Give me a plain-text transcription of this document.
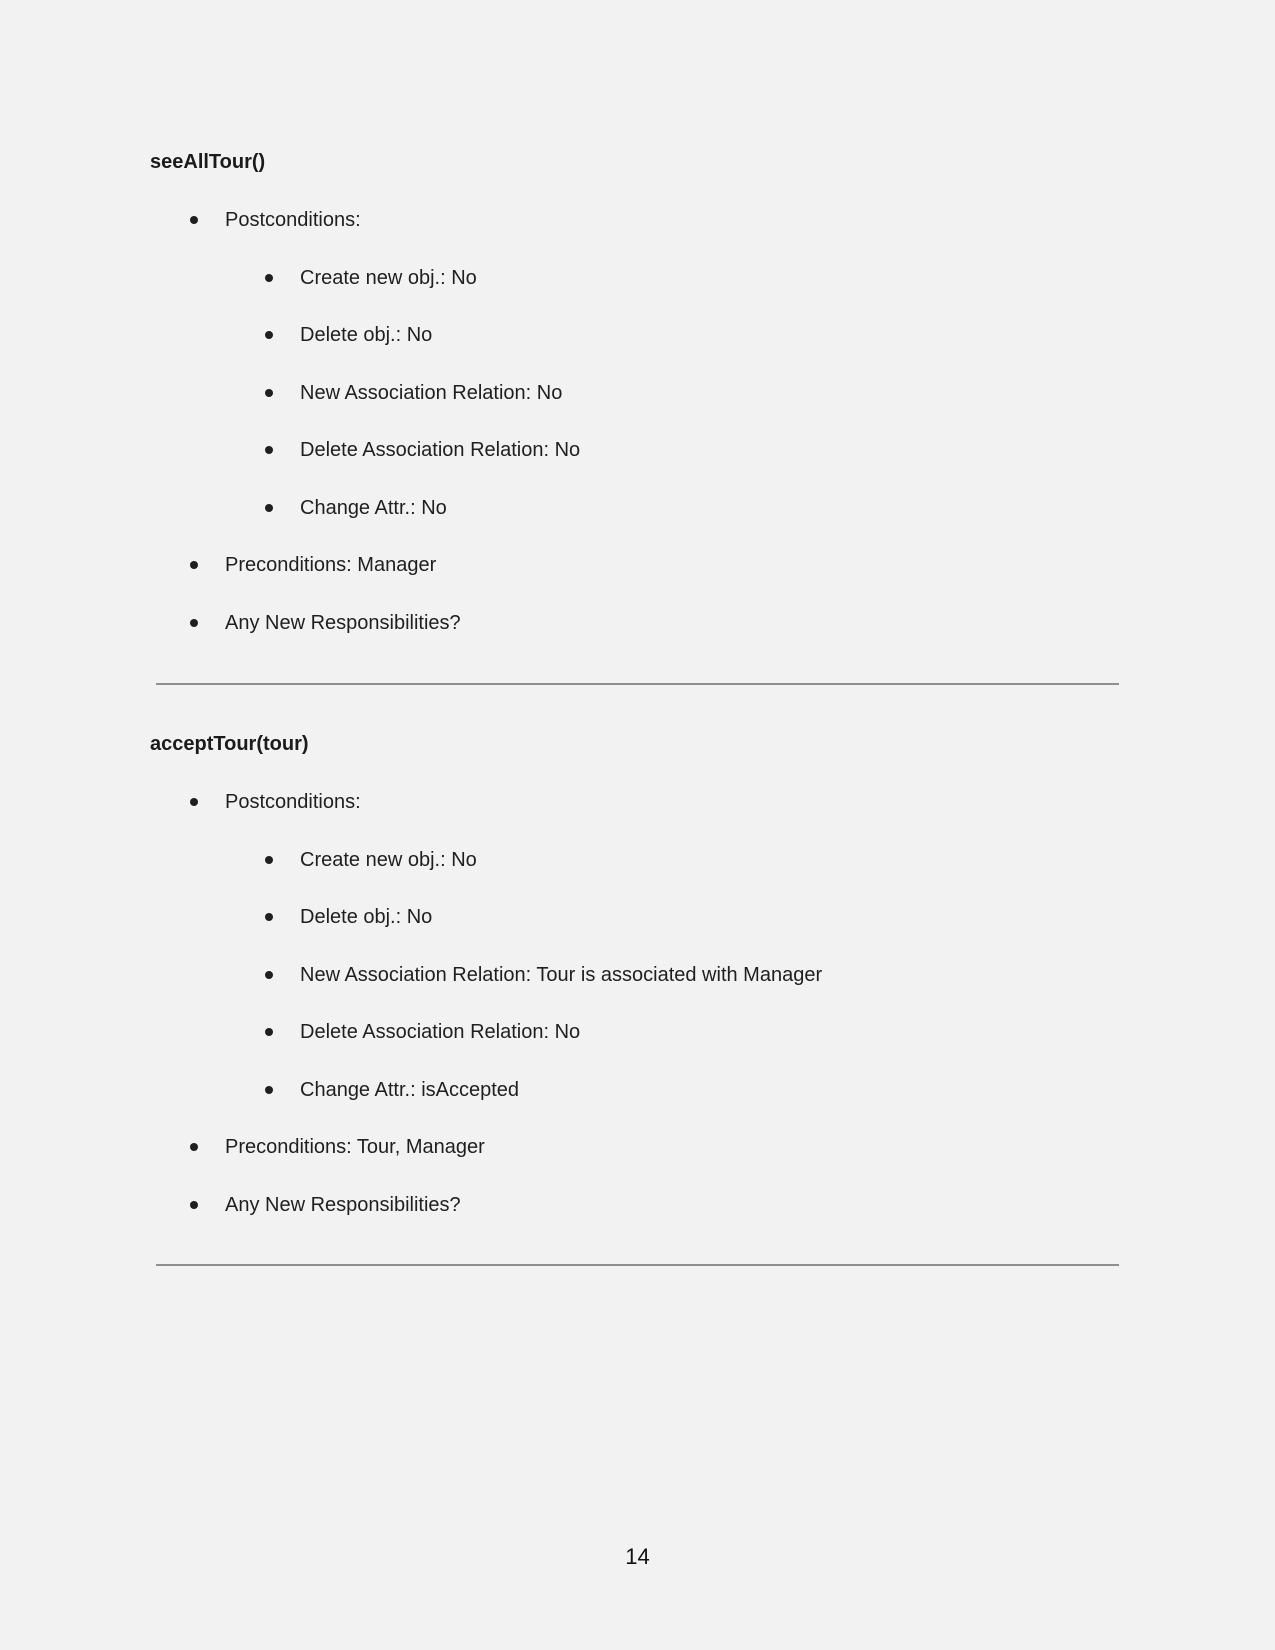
seeAllTour()
Postconditions:
Create new obj.: No
Delete obj.: No
New Association Relation: No
Delete Association Relation: No
Change Attr.: No
Preconditions: Manager
Any New Responsibilities?
acceptTour(tour)
Postconditions:
Create new obj.: No
Delete obj.: No
New Association Relation: Tour is associated with Manager
Delete Association Relation: No
Change Attr.: isAccepted
Preconditions: Tour, Manager
Any New Responsibilities?
14
